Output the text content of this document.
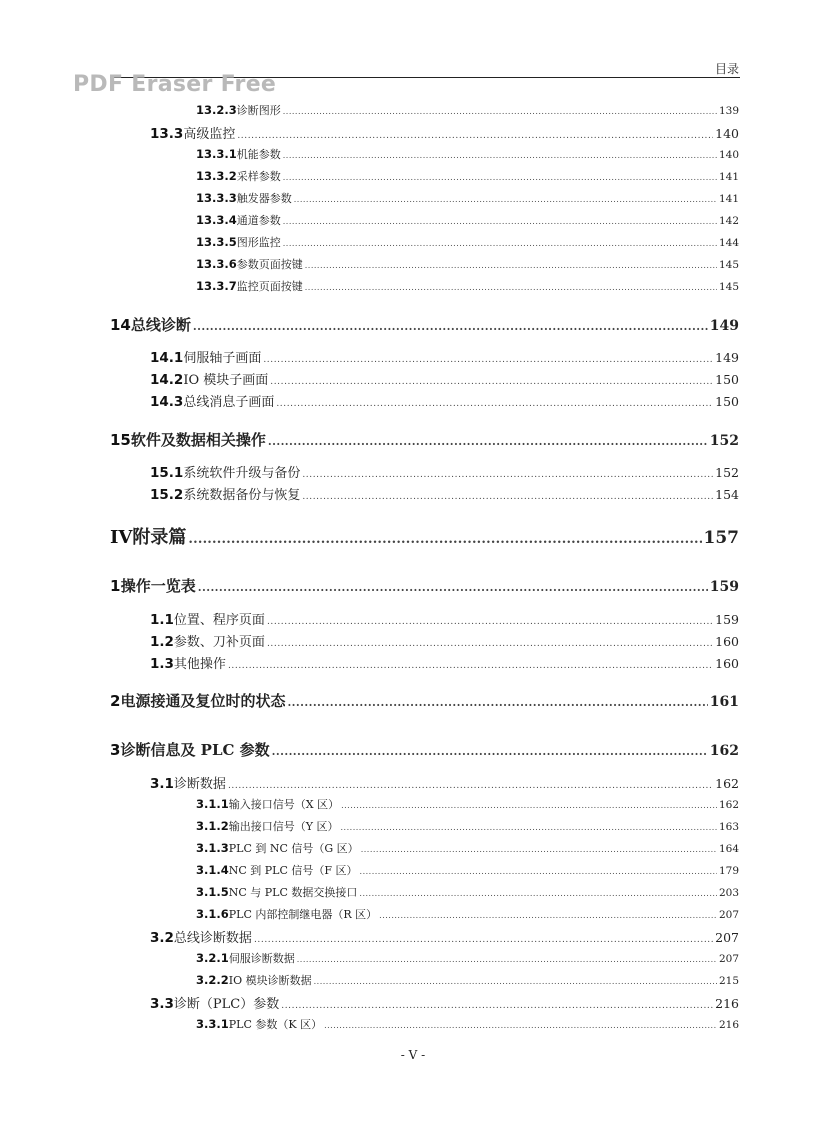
目录
PDF Eraser Free
13.2.3 诊断图形 .....	139
13.3 高级监控 .....	140
13.3.1 机能参数 .....	140
13.3.2 采样参数 .....	141
13.3.3 触发器参数 .....	141
13.3.4 通道参数 .....	142
13.3.5 图形监控 .....	144
13.3.6 参数页面按键 .....	145
13.3.7 监控页面按键 .....	145
14 总线诊断 .....	149
14.1 伺服轴子画面 .....	149
14.2 IO 模块子画面 .....	150
14.3 总线消息子画面 .....	150
15 软件及数据相关操作 .....	152
15.1 系统软件升级与备份 .....	152
15.2 系统数据备份与恢复 .....	154
IV 附录篇 .....	157
1 操作一览表 .....	159
1.1 位置、程序页面 .....	159
1.2 参数、刀补页面 .....	160
1.3 其他操作 .....	160
2 电源接通及复位时的状态 .....	161
3 诊断信息及 PLC 参数 .....	162
3.1 诊断数据 .....	162
3.1.1 输入接口信号（X 区） .....	162
3.1.2 输出接口信号（Y 区） .....	163
3.1.3 PLC 到 NC 信号（G 区） .....	164
3.1.4 NC 到 PLC 信号（F 区） .....	179
3.1.5 NC 与 PLC 数据交换接口 .....	203
3.1.6 PLC 内部控制继电器（R 区） .....	207
3.2 总线诊断数据 .....	207
3.2.1 伺服诊断数据 .....	207
3.2.2 IO 模块诊断数据 .....	215
3.3 诊断（PLC）参数 .....	216
3.3.1 PLC 参数（K 区） .....	216
- V -
